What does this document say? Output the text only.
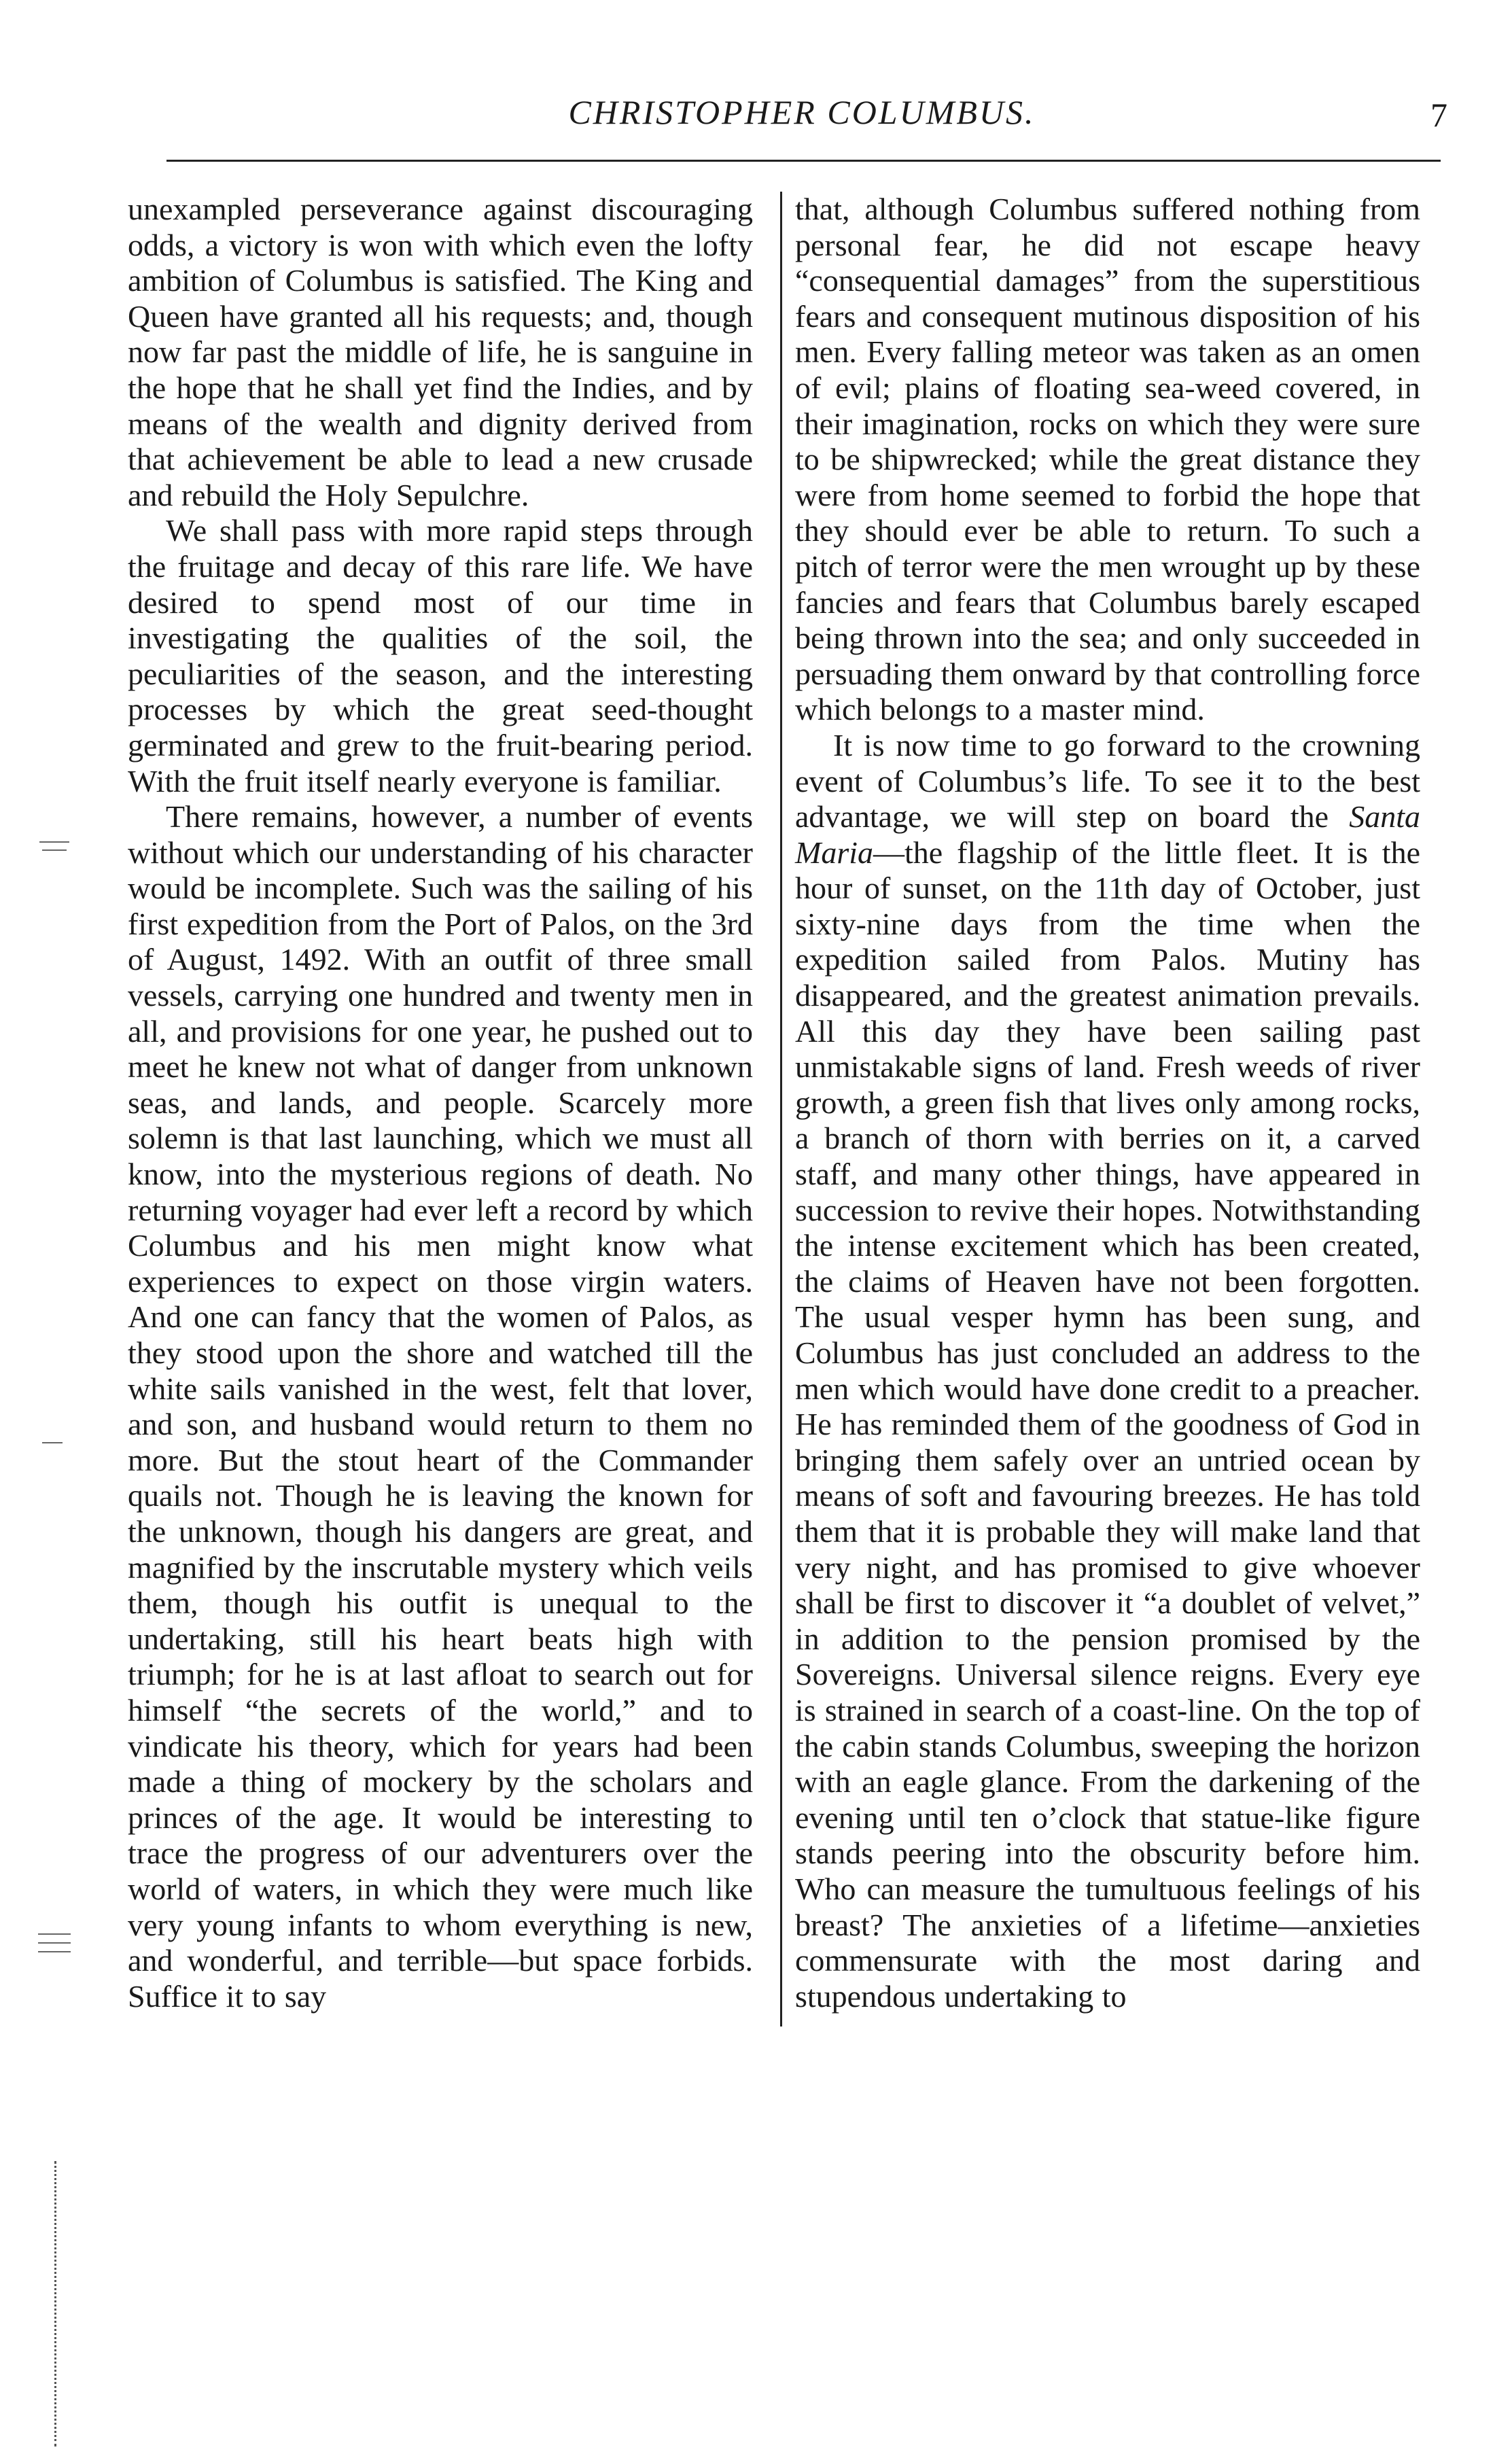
CHRISTOPHER COLUMBUS.	7

unexampled perseverance against discouraging odds, a victory is won with which even the lofty ambition of Columbus is satisfied. The King and Queen have granted all his requests; and, though now far past the middle of life, he is sanguine in the hope that he shall yet find the Indies, and by means of the wealth and dignity derived from that achievement be able to lead a new crusade and rebuild the Holy Sepulchre.

We shall pass with more rapid steps through the fruitage and decay of this rare life. We have desired to spend most of our time in investigating the qualities of the soil, the peculiarities of the season, and the interesting processes by which the great seed-thought germinated and grew to the fruit-bearing period. With the fruit itself nearly everyone is familiar.

There remains, however, a number of events without which our understanding of his character would be incomplete. Such was the sailing of his first expedition from the Port of Palos, on the 3rd of August, 1492. With an outfit of three small vessels, carrying one hundred and twenty men in all, and provisions for one year, he pushed out to meet he knew not what of danger from unknown seas, and lands, and people. Scarcely more solemn is that last launching, which we must all know, into the mysterious regions of death. No returning voyager had ever left a record by which Columbus and his men might know what experiences to expect on those virgin waters. And one can fancy that the women of Palos, as they stood upon the shore and watched till the white sails vanished in the west, felt that lover, and son, and husband would return to them no more. But the stout heart of the Commander quails not. Though he is leaving the known for the unknown, though his dangers are great, and magnified by the inscrutable mystery which veils them, though his outfit is unequal to the undertaking, still his heart beats high with triumph; for he is at last afloat to search out for himself “the secrets of the world,” and to vindicate his theory, which for years had been made a thing of mockery by the scholars and princes of the age. It would be interesting to trace the progress of our adventurers over the world of waters, in which they were much like very young infants to whom everything is new, and wonderful, and terrible—but space forbids. Suffice it to say

that, although Columbus suffered nothing from personal fear, he did not escape heavy “consequential damages” from the superstitious fears and consequent mutinous disposition of his men. Every falling meteor was taken as an omen of evil; plains of floating sea-weed covered, in their imagination, rocks on which they were sure to be shipwrecked; while the great distance they were from home seemed to forbid the hope that they should ever be able to return. To such a pitch of terror were the men wrought up by these fancies and fears that Columbus barely escaped being thrown into the sea; and only succeeded in persuading them onward by that controlling force which belongs to a master mind.

It is now time to go forward to the crowning event of Columbus’s life. To see it to the best advantage, we will step on board the Santa Maria—the flagship of the little fleet. It is the hour of sunset, on the 11th day of October, just sixty-nine days from the time when the expedition sailed from Palos. Mutiny has disappeared, and the greatest animation prevails. All this day they have been sailing past unmistakable signs of land. Fresh weeds of river growth, a green fish that lives only among rocks, a branch of thorn with berries on it, a carved staff, and many other things, have appeared in succession to revive their hopes. Notwithstanding the intense excitement which has been created, the claims of Heaven have not been forgotten. The usual vesper hymn has been sung, and Columbus has just concluded an address to the men which would have done credit to a preacher. He has reminded them of the goodness of God in bringing them safely over an untried ocean by means of soft and favouring breezes. He has told them that it is probable they will make land that very night, and has promised to give whoever shall be first to discover it “a doublet of velvet,” in addition to the pension promised by the Sovereigns. Universal silence reigns. Every eye is strained in search of a coast-line. On the top of the cabin stands Columbus, sweeping the horizon with an eagle glance. From the darkening of the evening until ten o’clock that statue-like figure stands peering into the obscurity before him. Who can measure the tumultuous feelings of his breast? The anxieties of a lifetime—anxieties commensurate with the most daring and stupendous undertaking to
